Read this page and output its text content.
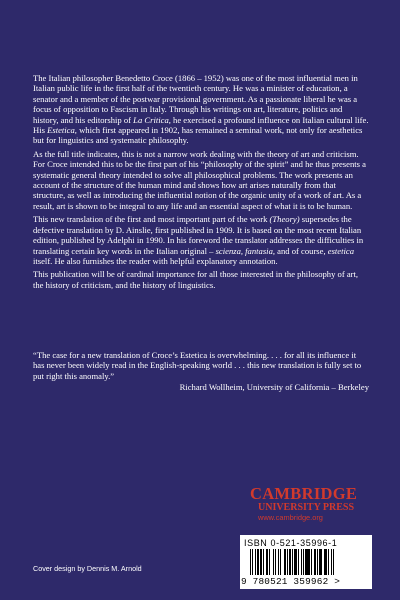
The Italian philosopher Benedetto Croce (1866 – 1952) was one of the most influential men in Italian public life in the first half of the twentieth century. He was a minister of education, a senator and a member of the postwar provisional government. As a passionate liberal he was a focus of opposition to Fascism in Italy. Through his writings on art, literature, politics and history, and his editorship of La Critica, he exercised a profound influence on Italian cultural life. His Estetica, which first appeared in 1902, has remained a seminal work, not only for aesthetics but for linguistics and systematic philosophy.

As the full title indicates, this is not a narrow work dealing with the theory of art and criticism. For Croce intended this to be the first part of his “philosophy of the spirit” and he thus presents a systematic general theory intended to solve all philosophical problems. The work presents an account of the structure of the human mind and shows how art arises naturally from that structure, as well as introducing the influential notion of the organic unity of a work of art. As a result, art is shown to be integral to any life and an essential aspect of what it is to be human.

This new translation of the first and most important part of the work (Theory) supersedes the defective translation by D. Ainslie, first published in 1909. It is based on the most recent Italian edition, published by Adelphi in 1990. In his foreword the translator addresses the difficulties in translating certain key words in the Italian original – scienza, fantasia, and of course, estetica itself. He also furnishes the reader with helpful explanatory annotation.

This publication will be of cardinal importance for all those interested in the philosophy of art, the history of criticism, and the history of linguistics.

“The case for a new translation of Croce’s Estetica is overwhelming. . . . for all its influence it has never been widely read in the English-speaking world . . . this new translation is fully set to put right this anomaly.”

Richard Wollheim, University of California – Berkeley
CAMBRIDGE
UNIVERSITY PRESS
www.cambridge.org
ISBN 0-521-35996-1
9 780521 359962 >
Cover design by Dennis M. Arnold
